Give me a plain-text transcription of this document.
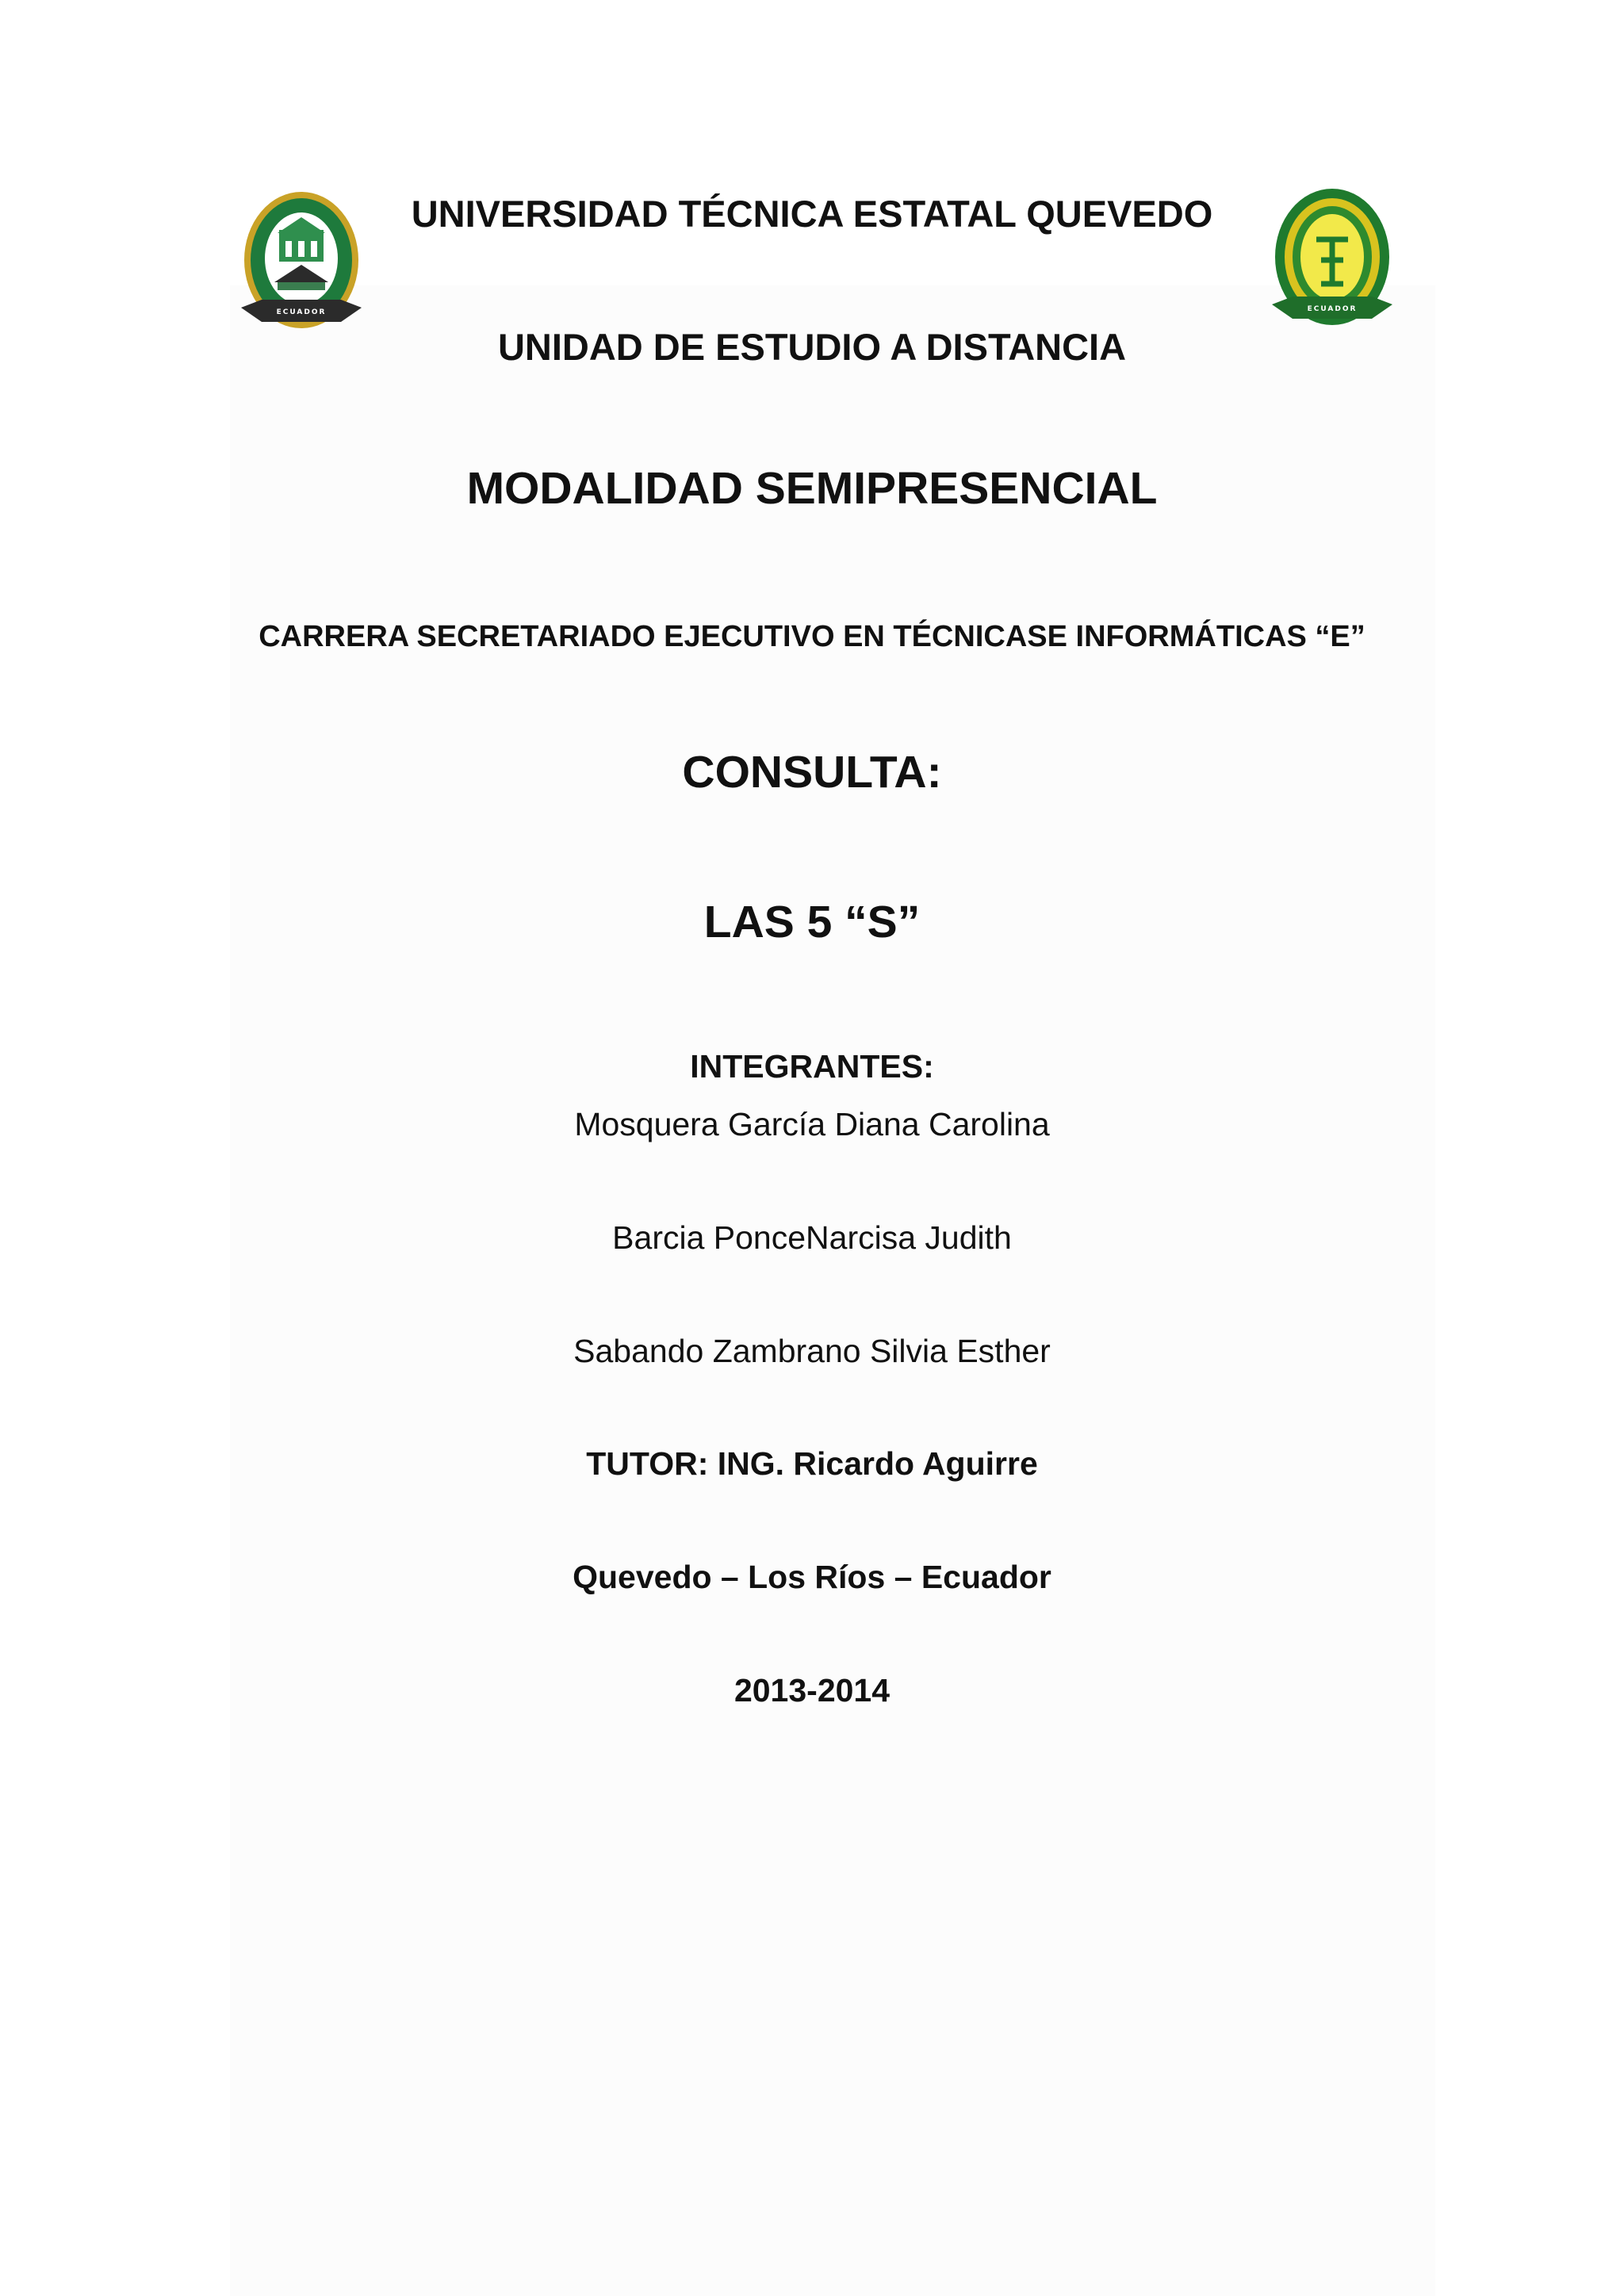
ECUADOR	ECUADOR

UNIVERSIDAD TÉCNICA ESTATAL QUEVEDO

UNIDAD DE ESTUDIO A DISTANCIA

MODALIDAD SEMIPRESENCIAL

CARRERA SECRETARIADO EJECUTIVO EN TÉCNICASE INFORMÁTICAS “E”

CONSULTA:

LAS 5 “S”

INTEGRANTES:

Mosquera García Diana Carolina

Barcia PonceNarcisa Judith

Sabando Zambrano Silvia Esther

TUTOR: ING. Ricardo Aguirre

Quevedo – Los Ríos – Ecuador

2013-2014
